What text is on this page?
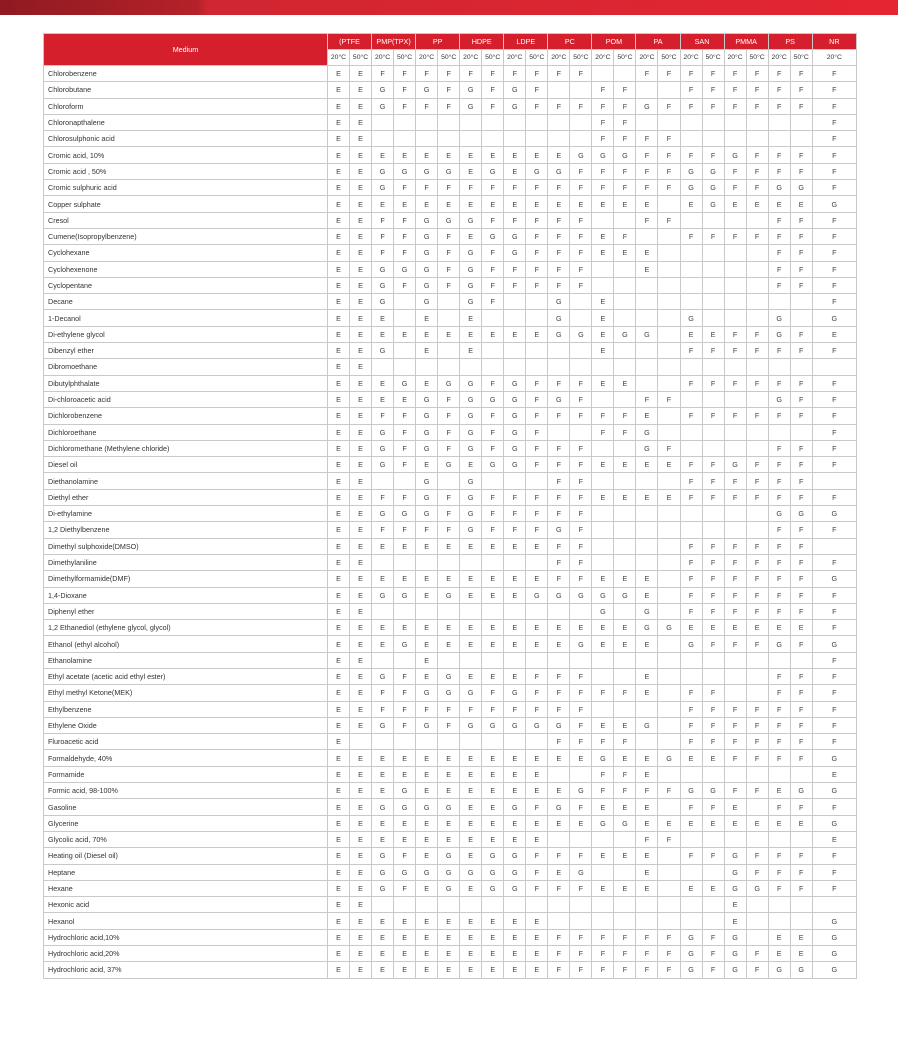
Medium	(PTFE		PMP(TPX)		PP		HDPE		LDPE		PC		POM		PA		SAN		PMMA		PS		NR
	20°C	50°C	20°C	50°C	20°C	50°C	20°C	50°C	20°C	50°C	20°C	50°C	20°C	50°C	20°C	50°C	20°C	50°C	20°C	50°C	20°C	50°C	20°C
Chlorobenzene	E	E	F	F	F	F	F	F	F	F	F	F			F	F	F	F	F	F	F	F	F
Chlorobutane	E	E	G	F	G	F	G	F	G	F			F	F			F	F	F	F	F	F	F
Chloroform	E	E	G	F	F	F	G	F	G	F	F	F	F	F	G	F	F	F	F	F	F	F	F
Chloronapthalene	E	E											F	F									F
Chlorosulphonic acid	E	E											F	F	F	F							F
Cromic acid, 10%	E	E	E	E	E	E	E	E	E	E	E	G	G	G	F	F	F	F	G	F	F	F	F
Cromic acid , 50%	E	E	G	G	G	G	E	G	E	G	G	F	F	F	F	F	G	G	F	F	F	F	F
Cromic sulphuric acid	E	E	G	F	F	F	F	F	F	F	F	F	F	F	F	F	G	G	F	F	G	G	F
Copper sulphate	E	E	E	E	E	E	E	E	E	E	E	E	E	E	E		E	G	E	E	E	E	G
Cresol	E	E	F	F	G	G	G	F	F	F	F	F			F	F					F	F	F
Cumene(Isopropylbenzene)	E	E	F	F	G	F	E	G	G	F	F	F	E	F			F	F	F	F	F	F	F
Cyclohexane	E	E	F	F	G	F	G	F	G	F	F	F	E	E	E						F	F	F
Cyclohexenone	E	E	G	G	G	F	G	F	F	F	F	F			E						F	F	F
Cyclopentane	E	E	G	F	G	F	G	F	F	F	F	F									F	F	F
Decane	E	E	G		G		G	F			G		E										F
1-Decanol	E	E	E		E		E				G		E				G				G		G
Di-ethylene glycol	E	E	E	E	E	E	E	E	E	E	G	G	E	G	G		E	E	F	F	G	F	E
Dibenzyl ether	E	E	G		E		E						E				F	F	F	F	F	F	F
Dibromoethane	E	E																					
Dibutylphthalate	E	E	E	G	E	G	G	F	G	F	F	F	E	E			F	F	F	F	F	F	F
Di-chloroacetic acid	E	E	E	E	G	F	G	G	G	F	G	F			F	F					G	F	F
Dichlorobenzene	E	E	F	F	G	F	G	F	G	F	F	F	F	F	E		F	F	F	F	F	F	F
Dichloroethane	E	E	G	F	G	F	G	F	G	F			F	F	G								F
Dichloromethane (Methylene chloride)	E	E	G	F	G	F	G	F	G	F	F	F			G	F					F	F	F
Diesel oil	E	E	G	F	E	G	E	G	G	F	F	F	E	E	E	E	F	F	G	F	F	F	F
Diethanolamine	E	E			G		G				F	F					F	F	F	F	F	F	
Diethyl ether	E	E	F	F	G	F	G	F	F	F	F	F	E	E	E	E	F	F	F	F	F	F	F
Di-ethylamine	E	E	G	G	G	F	G	F	F	F	F	F									G	G	G
1,2 Diethylbenzene	E	E	F	F	F	F	G	F	F	F	G	F									F	F	F
Dimethyl sulphoxide(DMSO)	E	E	E	E	E	E	E	E	E	E	F	F					F	F	F	F	F	F	
Dimethylaniline	E	E									F	F					F	F	F	F	F	F	F
Dimethylformamide(DMF)	E	E	E	E	E	E	E	E	E	E	F	F	E	E	E		F	F	F	F	F	F	G
1,4-Dioxane	E	E	G	G	E	G	E	E	E	G	G	G	G	G	E		F	F	F	F	F	F	F
Diphenyl ether	E	E											G		G		F	F	F	F	F	F	F
1,2 Ethanediol (ethylene glycol, glycol)	E	E	E	E	E	E	E	E	E	E	E	E	E	E	G	G	E	E	E	E	E	E	F
Ethanol (ethyl alcohol)	E	E	E	G	E	E	E	E	E	E	E	G	E	E	E		G	F	F	F	G	F	G
Ethanolamine	E	E			E																		F
Ethyl acetate (acetic acid ethyl ester)	E	E	G	F	E	G	E	E	E	F	F	F			E						F	F	F
Ethyl methyl Ketone(MEK)	E	E	F	F	G	G	G	F	G	F	F	F	F	F	E		F	F			F	F	F
Ethylbenzene	E	E	F	F	F	F	F	F	F	F	F	F					F	F	F	F	F	F	F
Ethylene Oxide	E	E	G	F	G	F	G	G	G	G	G	F	E	E	G		F	F	F	F	F	F	F
Fluroacetic acid	E										F	F	F	F			F	F	F	F	F	F	F
Formaldehyde, 40%	E	E	E	E	E	E	E	E	E	E	E	E	G	E	E	G	E	E	F	F	F	F	G
Formamide	E	E	E	E	E	E	E	E	E	E			F	F	E								E
Formic acid, 98-100%	E	E	E	G	E	E	E	E	E	E	E	G	F	F	F	F	G	G	F	F	E	G	G
Gasoline	E	E	G	G	G	G	E	E	G	F	G	F	E	E	E		F	F	E		F	F	F
Glycerine	E	E	E	E	E	E	E	E	E	E	E	E	G	G	E	E	E	E	E	E	E	E	G
Glycolic acid, 70%	E	E	E	E	E	E	E	E	E	E					F	F							E
Heating oil (Diesel oil)	E	E	G	F	E	G	E	G	G	F	F	F	E	E	E		F	F	G	F	F	F	F
Heptane	E	E	G	G	G	G	G	G	G	F	E	G			E				G	F	F	F	F
Hexane	E	E	G	F	E	G	E	G	G	F	F	F	E	E	E		E	E	G	G	F	F	F
Hexonic acid	E	E																	E				
Hexanol	E	E	E	E	E	E	E	E	E	E									E				G
Hydrochloric acid,10%	E	E	E	E	E	E	E	E	E	E	F	F	F	F	F	F	G	F	G		E	E	G
Hydrochloric acid,20%	E	E	E	E	E	E	E	E	E	E	F	F	F	F	F	F	G	F	G	F	E	E	G
Hydrochloric acid, 37%	E	E	E	E	E	E	E	E	E	E	F	F	F	F	F	F	G	F	G	F	G	G	G
